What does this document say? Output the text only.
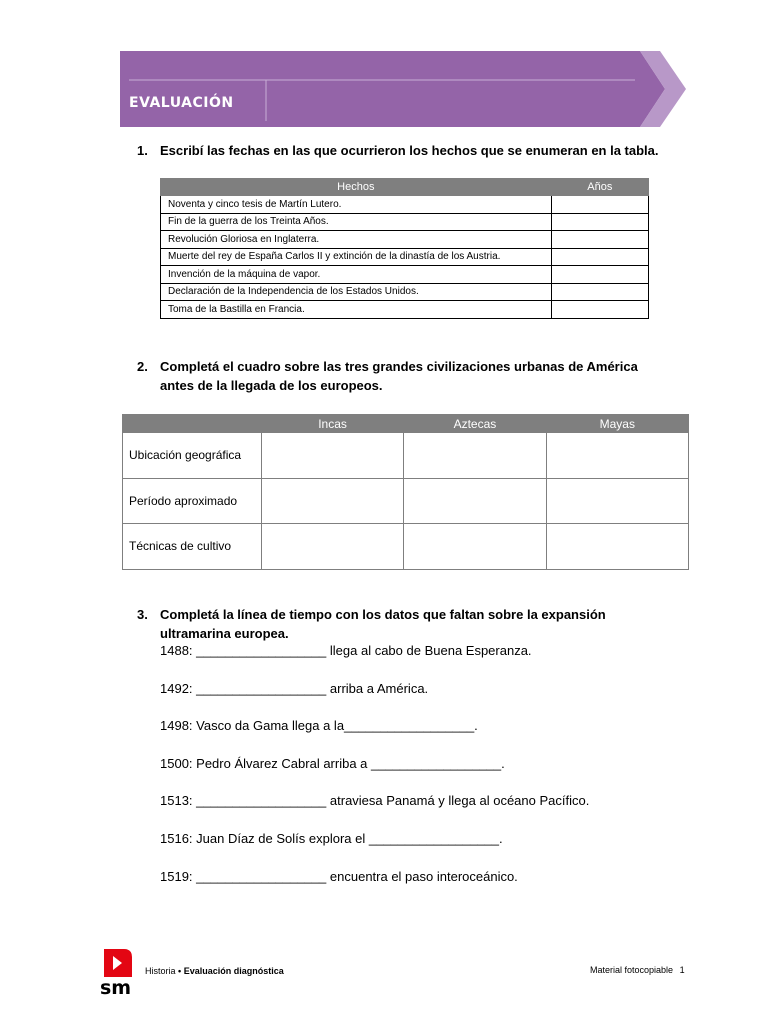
EVALUACIÓN
1. Escribí las fechas en las que ocurrieron los hechos que se enumeran en la tabla.
Hechos	Años
Noventa y cinco tesis de Martín Lutero.	
Fin de la guerra de los Treinta Años.	
Revolución Gloriosa en Inglaterra.	
Muerte del rey de España Carlos II y extinción de la dinastía de los Austria.	
Invención de la máquina de vapor.	
Declaración de la Independencia de los Estados Unidos.	
Toma de la Bastilla en Francia.	
2. Completá el cuadro sobre las tres grandes civilizaciones urbanas de América
antes de la llegada de los europeos.
	Incas	Aztecas	Mayas
Ubicación geográfica			
Período aproximado			
Técnicas de cultivo			
3. Completá la línea de tiempo con los datos que faltan sobre la expansión
ultramarina europea.
1488: __________________ llega al cabo de Buena Esperanza.
1492: __________________ arriba a América.
1498: Vasco da Gama llega a la__________________.
1500: Pedro Álvarez Cabral arriba a __________________.
1513: __________________ atraviesa Panamá y llega al océano Pacífico.
1516: Juan Díaz de Solís explora el __________________.
1519: __________________ encuentra el paso interoceánico.
sm
Historia • Evaluación diagnóstica	Material fotocopiable 1
